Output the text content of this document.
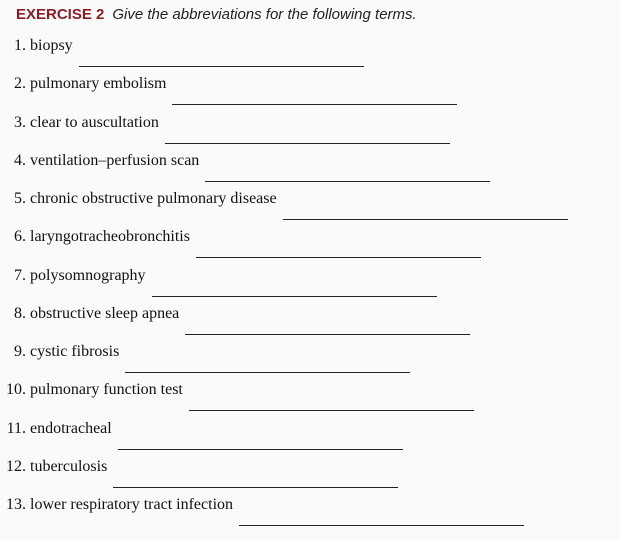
EXERCISE 2 Give the abbreviations for the following terms.
1. biopsy
2. pulmonary embolism
3. clear to auscultation
4. ventilation–perfusion scan
5. chronic obstructive pulmonary disease
6. laryngotracheobronchitis
7. polysomnography
8. obstructive sleep apnea
9. cystic fibrosis
10. pulmonary function test
11. endotracheal
12. tuberculosis
13. lower respiratory tract infection
